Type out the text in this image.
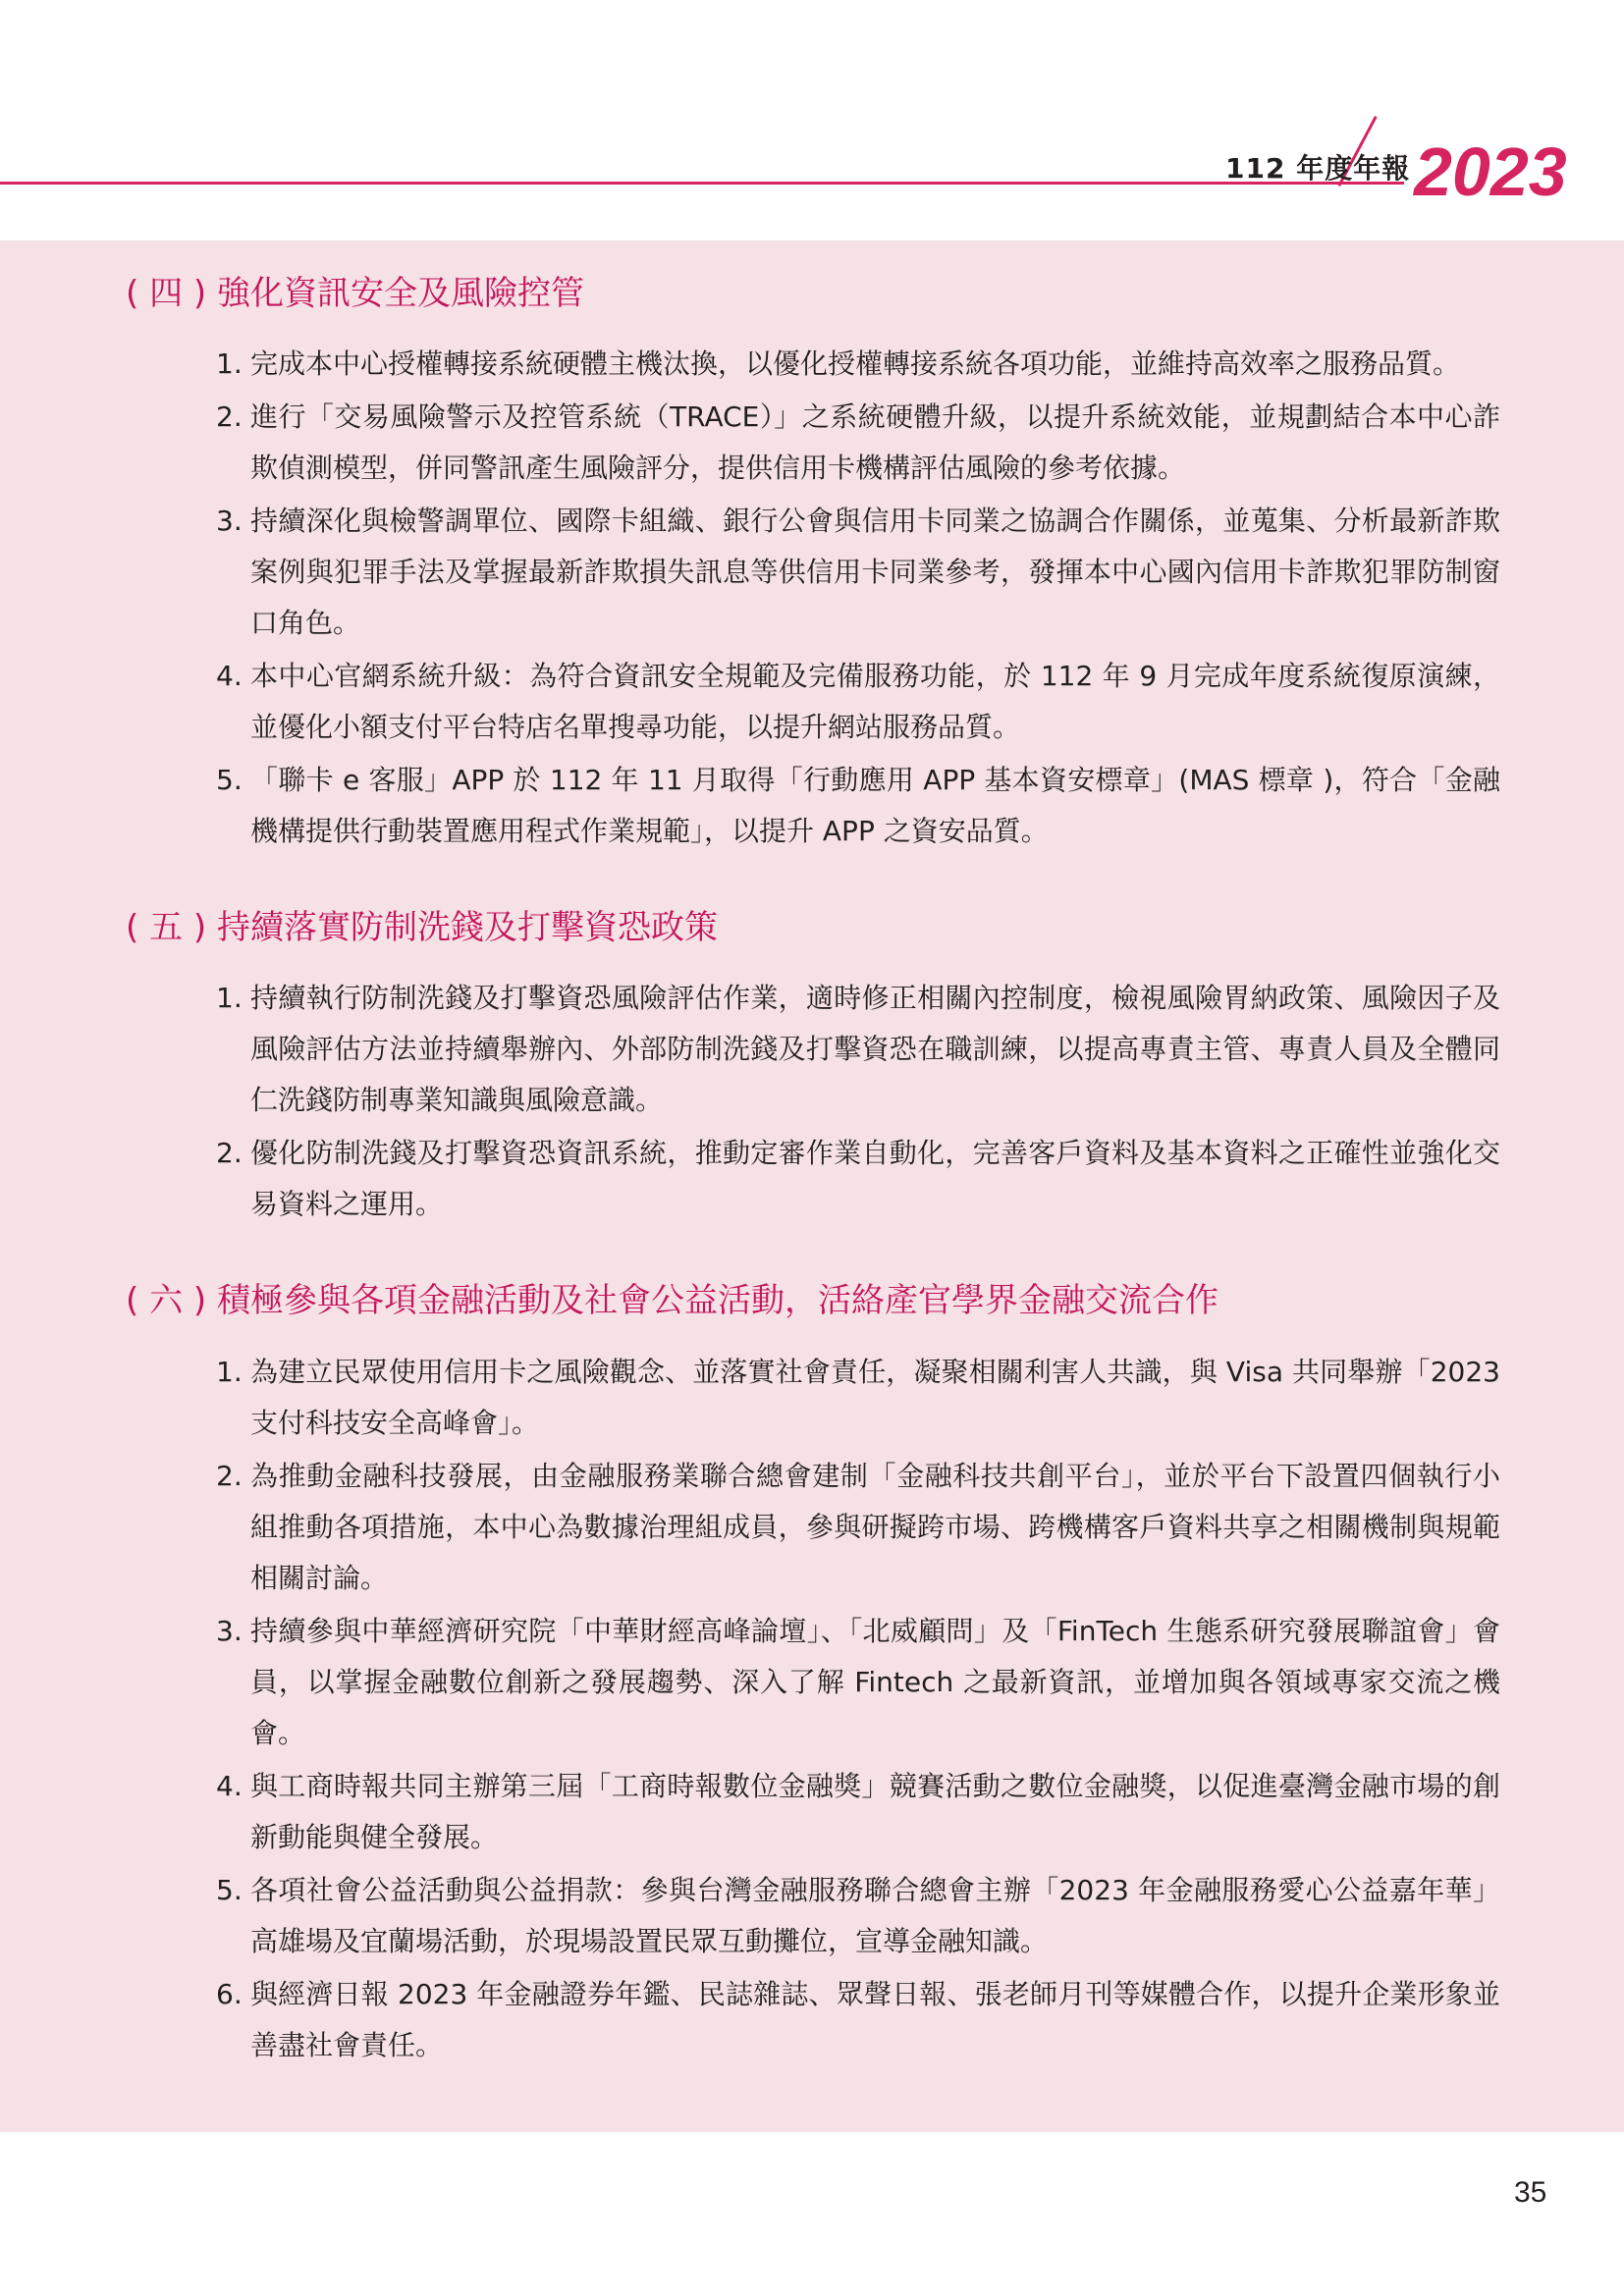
112 年度年報 2023
( 四 ) 強化資訊安全及風險控管
1. 完成本中心授權轉接系統硬體主機汰換，以優化授權轉接系統各項功能，並維持高效率之服務品質。
2. 進行「交易風險警示及控管系統（TRACE）」之系統硬體升級，以提升系統效能，並規劃結合本中心詐欺偵測模型，併同警訊產生風險評分，提供信用卡機構評估風險的參考依據。
3. 持續深化與檢警調單位、國際卡組織、銀行公會與信用卡同業之協調合作關係，並蒐集、分析最新詐欺案例與犯罪手法及掌握最新詐欺損失訊息等供信用卡同業參考，發揮本中心國內信用卡詐欺犯罪防制窗口角色。
4. 本中心官網系統升級：為符合資訊安全規範及完備服務功能，於 112 年 9 月完成年度系統復原演練，並優化小額支付平台特店名單搜尋功能，以提升網站服務品質。
5. 「聯卡 e 客服」APP 於 112 年 11 月取得「行動應用 APP 基本資安標章」(MAS 標章 )，符合「金融機構提供行動裝置應用程式作業規範」，以提升 APP 之資安品質。
( 五 ) 持續落實防制洗錢及打擊資恐政策
1. 持續執行防制洗錢及打擊資恐風險評估作業，適時修正相關內控制度，檢視風險胃納政策、風險因子及風險評估方法並持續舉辦內、外部防制洗錢及打擊資恐在職訓練，以提高專責主管、專責人員及全體同仁洗錢防制專業知識與風險意識。
2. 優化防制洗錢及打擊資恐資訊系統，推動定審作業自動化，完善客戶資料及基本資料之正確性並強化交易資料之運用。
( 六 ) 積極參與各項金融活動及社會公益活動，活絡產官學界金融交流合作
1. 為建立民眾使用信用卡之風險觀念、並落實社會責任，凝聚相關利害人共識，與 Visa 共同舉辦「2023 支付科技安全高峰會」。
2. 為推動金融科技發展，由金融服務業聯合總會建制「金融科技共創平台」，並於平台下設置四個執行小組推動各項措施，本中心為數據治理組成員，參與研擬跨市場、跨機構客戶資料共享之相關機制與規範相關討論。
3. 持續參與中華經濟研究院「中華財經高峰論壇」、「北威顧問」及「FinTech 生態系研究發展聯誼會」會員，以掌握金融數位創新之發展趨勢、深入了解 Fintech 之最新資訊，並增加與各領域專家交流之機會。
4. 與工商時報共同主辦第三屆「工商時報數位金融獎」競賽活動之數位金融獎，以促進臺灣金融市場的創新動能與健全發展。
5. 各項社會公益活動與公益捐款：參與台灣金融服務聯合總會主辦「2023 年金融服務愛心公益嘉年華」高雄場及宜蘭場活動，於現場設置民眾互動攤位，宣導金融知識。
6. 與經濟日報 2023 年金融證券年鑑、民誌雜誌、眾聲日報、張老師月刊等媒體合作，以提升企業形象並善盡社會責任。
35
